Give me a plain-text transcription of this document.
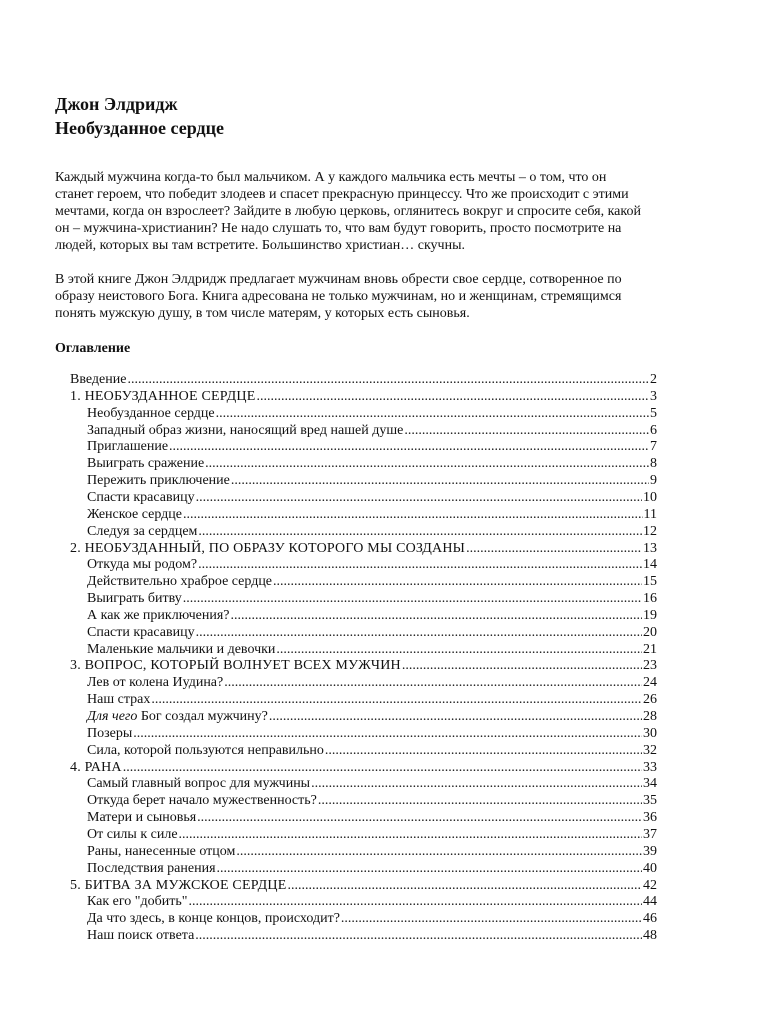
Джон Элдридж
Необузданное сердце
Каждый мужчина когда-то был мальчиком. А у каждого мальчика есть мечты – о том, что он
станет героем, что победит злодеев и спасет прекрасную принцессу. Что же происходит с этими
мечтами, когда он взрослеет? Зайдите в любую церковь, оглянитесь вокруг и спросите себя, какой
он – мужчина-христианин? Не надо слушать то, что вам будут говорить, просто посмотрите на
людей, которых вы там встретите. Большинство христиан… скучны.
В этой книге Джон Элдридж предлагает мужчинам вновь обрести свое сердце, сотворенное по
образу неистового Бога. Книга адресована не только мужчинам, но и женщинам, стремящимся
понять мужскую душу, в том числе матерям, у которых есть сыновья.
Оглавление
Введение .....	2
1. НЕОБУЗДАННОЕ СЕРДЦЕ .....	3
Необузданное сердце .....	5
Западный образ жизни, наносящий вред нашей душе .....	6
Приглашение .....	7
Выиграть сражение .....	8
Пережить приключение .....	9
Спасти красавицу .....	10
Женское сердце .....	11
Следуя за сердцем .....	12
2. НЕОБУЗДАННЫЙ, ПО ОБРАЗУ КОТОРОГО МЫ СОЗДАНЫ .....	13
Откуда мы родом? .....	14
Действительно храброе сердце .....	15
Выиграть битву .....	16
А как же приключения? .....	19
Спасти красавицу .....	20
Маленькие мальчики и девочки .....	21
3. ВОПРОС, КОТОРЫЙ ВОЛНУЕТ ВСЕХ МУЖЧИН .....	23
Лев от колена Иудина? .....	24
Наш страх .....	26
Для чего Бог создал мужчину? .....	28
Позеры .....	30
Сила, которой пользуются неправильно .....	32
4. РАНА .....	33
Самый главный вопрос для мужчины .....	34
Откуда берет начало мужественность? .....	35
Матери и сыновья .....	36
От силы к силе .....	37
Раны, нанесенные отцом .....	39
Последствия ранения .....	40
5. БИТВА ЗА МУЖСКОЕ СЕРДЦЕ .....	42
Как его "добить" .....	44
Да что здесь, в конце концов, происходит? .....	46
Наш поиск ответа .....	48
